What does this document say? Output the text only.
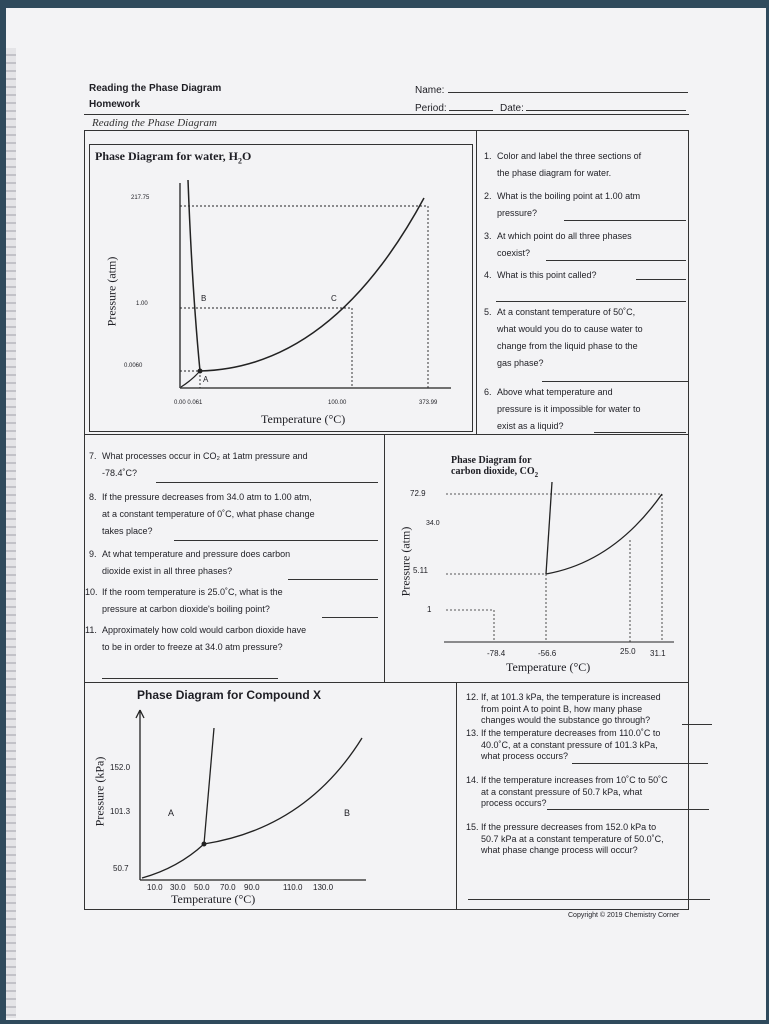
Reading the Phase Diagram
Homework
Name:
Period:	Date:
Reading the Phase Diagram
Phase Diagram for water, $H_2O$
Pressure (atm)
Temperature (°C)
217.75
1.00
0.0060
0.00 0.061	100.00	373.99
B	C
A
Phase Diagram for
carbon dioxide, $CO_2$
Pressure (atm)
Temperature (°C)
72.9
34.0
5.11
1
-78.4	-56.6	25.0 31.1
Phase Diagram for Compound X
Pressure (kPa)
Temperature (°C)
152.0
101.3
50.7
10.0 30.0 50.0 70.0 90.0	110.0 130.0
A	B
Copyright © 2019 Chemistry Corner
1. Color and label the three sections of
the phase diagram for water.
2. What is the boiling point at 1.00 atm
pressure?
3. At which point do all three phases
coexist?
4. What is this point called?
5. At a constant temperature of 50˚C,
what would you do to cause water to
change from the liquid phase to the
gas phase?
6. Above what temperature and
pressure is it impossible for water to
exist as a liquid?
7. What processes occur in CO₂ at 1atm pressure and
-78.4˚C?
8. If the pressure decreases from 34.0 atm to 1.00 atm,
at a constant temperature of 0˚C, what phase change
takes place?
9. At what temperature and pressure does carbon
dioxide exist in all three phases?
10. If the room temperature is 25.0˚C, what is the
pressure at carbon dioxide's boiling point?
11. Approximately how cold would carbon dioxide have
to be in order to freeze at 34.0 atm pressure?
12. If, at 101.3 kPa, the temperature is increased
from point A to point B, how many phase
changes would the substance go through?
13. If the temperature decreases from 110.0˚C to
40.0˚C, at a constant pressure of 101.3 kPa,
what process occurs?
14. If the temperature increases from 10˚C to 50˚C
at a constant pressure of 50.7 kPa, what
process occurs?
15. If the pressure decreases from 152.0 kPa to
50.7 kPa at a constant temperature of 50.0˚C,
what phase change process will occur?
